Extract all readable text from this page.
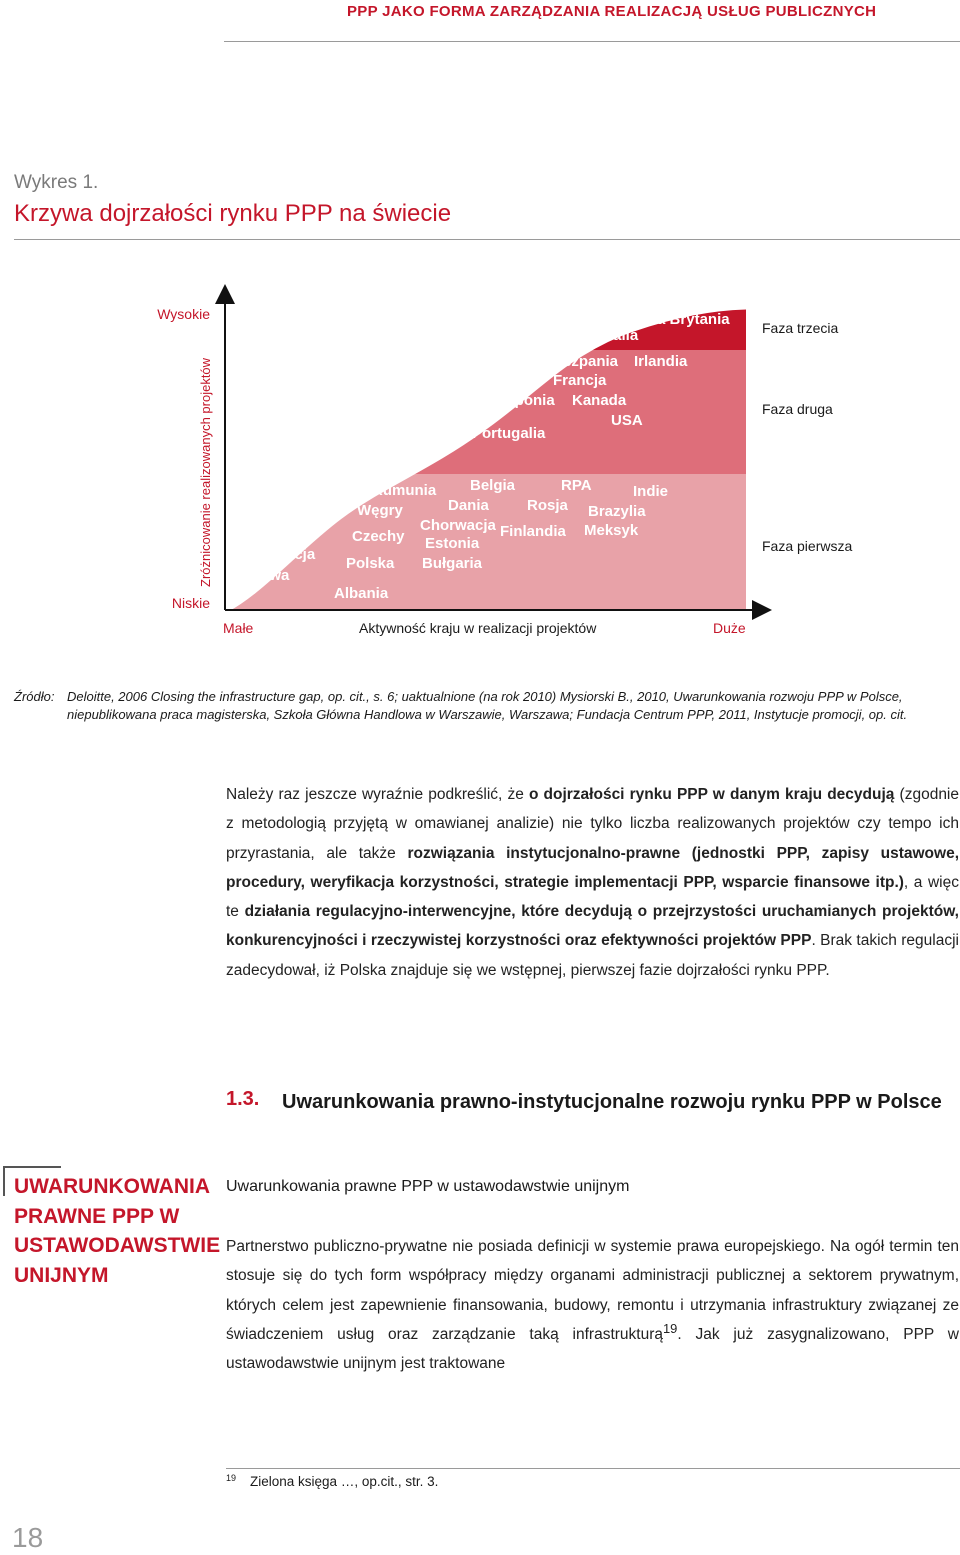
PPP JAKO FORMA ZARZĄDZANIA REALIZACJĄ USŁUG PUBLICZNYCH
Wykres 1.
Krzywa dojrzałości rynku PPP na świecie
Wysokie
Niskie
Zróżnicowanie realizowanych projektów
Małe	Aktywność kraju w realizacji projektów	Duże
Faza trzecia
Faza druga
Faza pierwsza
Wielka Brytania
Australia
Niemcy Hiszpania Irlandia
Włochy	Francja
Holandia	Japonia Kanada
Grecja	USA
Portugalia
Nowa Zelandia
Rumunia Belgia	RPA	Indie
Węgry	Dania	Rosja Brazylia
Chiny	Chorwacja Finlandia Meksyk
Czechy Estonia
Słowacja
Polska Bułgaria
Litwa
Albania
Źródło: Deloitte, 2006 Closing the infrastructure gap, op. cit., s. 6; uaktualnione (na rok 2010) Mysiorski B., 2010, Uwarunkowania rozwoju PPP w Polsce, niepublikowana praca magisterska, Szkoła Główna Handlowa w Warszawie, Warszawa; Fundacja Centrum PPP, 2011, Instytucje promocji, op. cit.
Należy raz jeszcze wyraźnie podkreślić, że o dojrzałości rynku PPP w danym kraju decydują (zgodnie z metodologią przyjętą w omawianej analizie) nie tylko liczba realizowanych projektów czy tempo ich przyrastania, ale także rozwiązania instytucjonalno-prawne (jednostki PPP, zapisy ustawowe, procedury, weryfikacja korzystności, strategie implementacji PPP, wsparcie finansowe itp.), a więc te działania regulacyjno-interwencyjne, które decydują o przejrzystości uruchamianych projektów, konkurencyjności i rzeczywistej korzystności oraz efektywności projektów PPP. Brak takich regulacji zadecydował, iż Polska znajduje się we wstępnej, pierwszej fazie dojrzałości rynku PPP.
1.3. Uwarunkowania prawno-instytucjonalne rozwoju rynku PPP w Polsce
UWARUNKOWANIA PRAWNE PPP W USTAWODAWSTWIE UNIJNYM
Uwarunkowania prawne PPP w ustawodawstwie unijnym
Partnerstwo publiczno-prywatne nie posiada definicji w systemie prawa europejskiego. Na ogół termin ten stosuje się do tych form współpracy między organami administracji publicznej a sektorem prywatnym, których celem jest zapewnienie finansowania, budowy, remontu i utrzymania infrastruktury związanej ze świadczeniem usług oraz zarządzanie taką infrastrukturą$^{19}$. Jak już zasygnalizowano, PPP w ustawodawstwie unijnym jest traktowane
$^{19}$ Zielona księga …, op.cit., str. 3.
18
